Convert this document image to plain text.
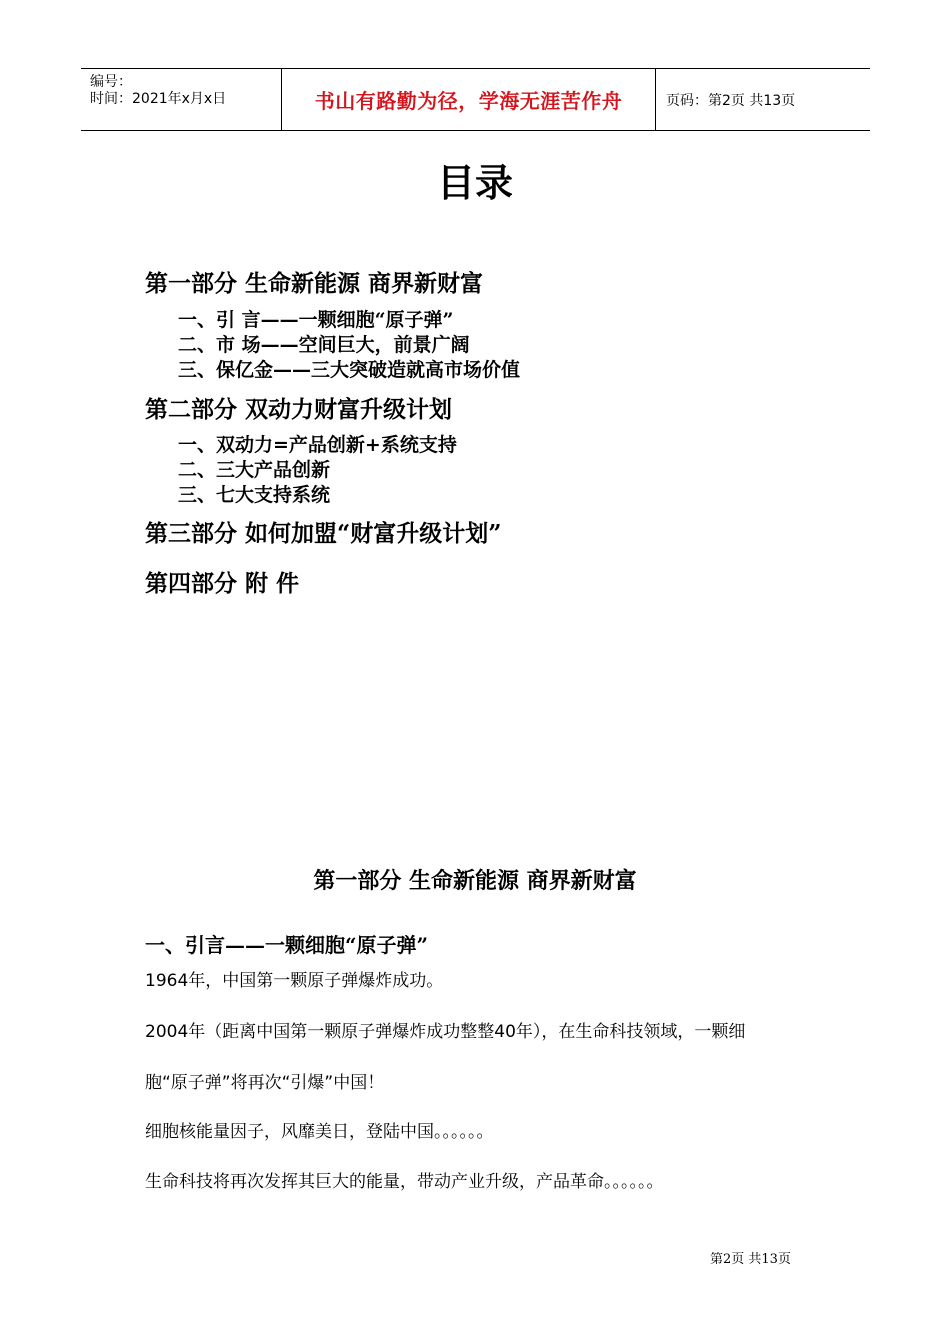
编号：
时间：2021年x月x日	书山有路勤为径，学海无涯苦作舟	页码：第2页 共13页
目录
第一部分 生命新能源 商界新财富
一、引 言——一颗细胞“原子弹”
二、市 场——空间巨大，前景广阔
三、保亿金——三大突破造就高市场价值
第二部分 双动力财富升级计划
一、双动力=产品创新+系统支持
二、三大产品创新
三、七大支持系统
第三部分 如何加盟“财富升级计划”
第四部分 附 件
第一部分 生命新能源 商界新财富
一、引言——一颗细胞“原子弹”
1964年，中国第一颗原子弹爆炸成功。
2004年（距离中国第一颗原子弹爆炸成功整整40年），在生命科技领域，一颗细
胞“原子弹”将再次“引爆”中国！
细胞核能量因子，风靡美日，登陆中国。。。。。。
生命科技将再次发挥其巨大的能量，带动产业升级，产品革命。。。。。。
第2页 共13页
